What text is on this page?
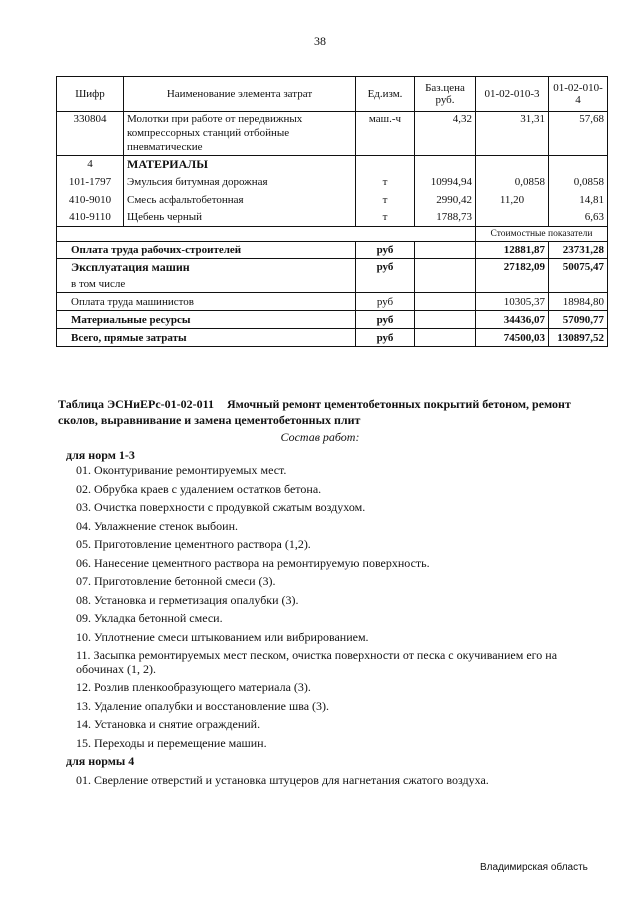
38
Шифр	Наименование элемента затрат	Ед.изм.	Баз.цена руб.	01-02-010-3	01-02-010-4
330804	Молотки при работе от передвижных компрессорных станций отбойные пневматические	маш.-ч	4,32	31,31	57,68
4	МАТЕРИАЛЫ				
101-1797	Эмульсия битумная дорожная	т	10994,94	0,0858	0,0858
410-9010	Смесь асфальтобетонная	т	2990,42	11,20	14,81
410-9110	Щебень черный	т	1788,73		6,63
				Стоимостные показатели	
Оплата труда рабочих-строителей		руб		12881,87	23731,28
Эксплуатация машин		руб		27182,09	50075,47
в том числе					
Оплата труда машинистов		руб		10305,37	18984,80
Материальные ресурсы		руб		34436,07	57090,77
Всего, прямые затраты		руб		74500,03	130897,52
Таблица ЭСНиЕРс-01-02-011 Ямочный ремонт цементобетонных покрытий бетоном, ремонт сколов, выравнивание и замена цементобетонных плит
Состав работ:
для норм 1-3
01. Оконтуривание ремонтируемых мест.
02. Обрубка краев с удалением остатков бетона.
03. Очистка поверхности с продувкой сжатым воздухом.
04. Увлажнение стенок выбоин.
05. Приготовление цементного раствора (1,2).
06. Нанесение цементного раствора на ремонтируемую поверхность.
07. Приготовление бетонной смеси (3).
08. Установка и герметизация опалубки (3).
09. Укладка бетонной смеси.
10. Уплотнение смеси штыкованием или вибрированием.
11. Засыпка ремонтируемых мест песком, очистка поверхности от песка с окучиванием его на обочинах (1, 2).
12. Розлив пленкообразующего материала (3).
13. Удаление опалубки и восстановление шва (3).
14. Установка и снятие ограждений.
15. Переходы и перемещение машин.
для нормы 4
01. Сверление отверстий и установка штуцеров для нагнетания сжатого воздуха.
Владимирская область
